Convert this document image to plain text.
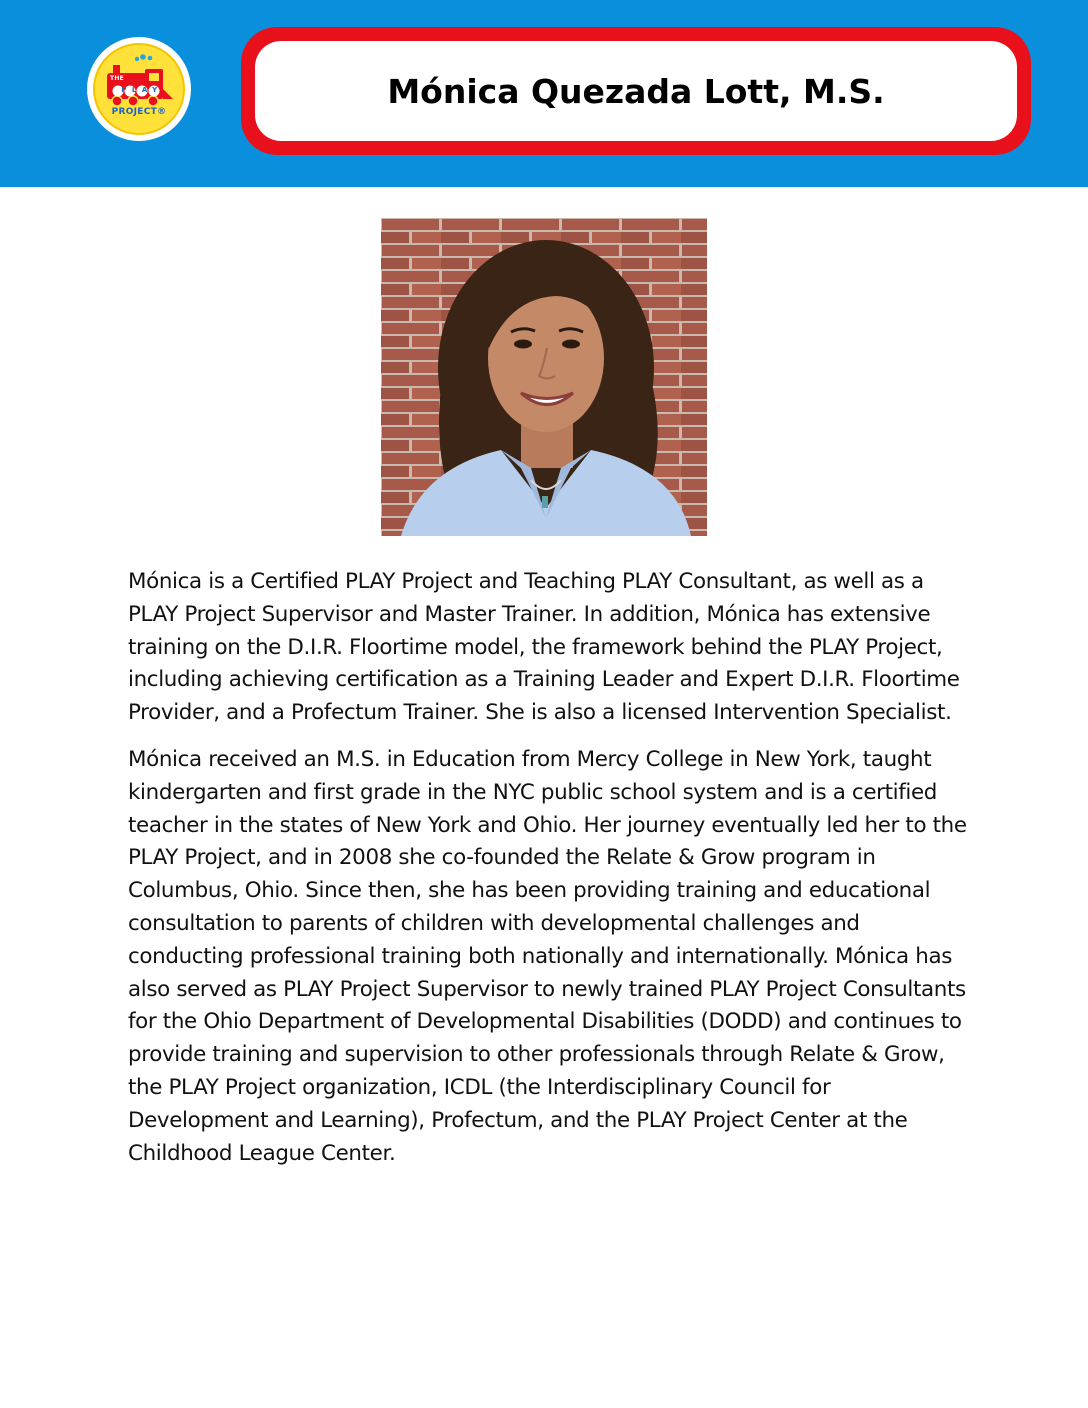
THE
PLAY
PROJECT®
Mónica Quezada Lott, M.S.

Mónica is a Certified PLAY Project and Teaching PLAY Consultant, as well as a PLAY Project Supervisor and Master Trainer. In addition, Mónica has extensive training on the D.I.R. Floortime model, the framework behind the PLAY Project, including achieving certification as a Training Leader and Expert D.I.R. Floortime Provider, and a Profectum Trainer. She is also a licensed Intervention Specialist.

Mónica received an M.S. in Education from Mercy College in New York, taught kindergarten and first grade in the NYC public school system and is a certified teacher in the states of New York and Ohio. Her journey eventually led her to the PLAY Project, and in 2008 she co-founded the Relate & Grow program in Columbus, Ohio. Since then, she has been providing training and educational consultation to parents of children with developmental challenges and conducting professional training both nationally and internationally. Mónica has also served as PLAY Project Supervisor to newly trained PLAY Project Consultants for the Ohio Department of Developmental Disabilities (DODD) and continues to provide training and supervision to other professionals through Relate & Grow, the PLAY Project organization, ICDL (the Interdisciplinary Council for Development and Learning), Profectum, and the PLAY Project Center at the Childhood League Center.
